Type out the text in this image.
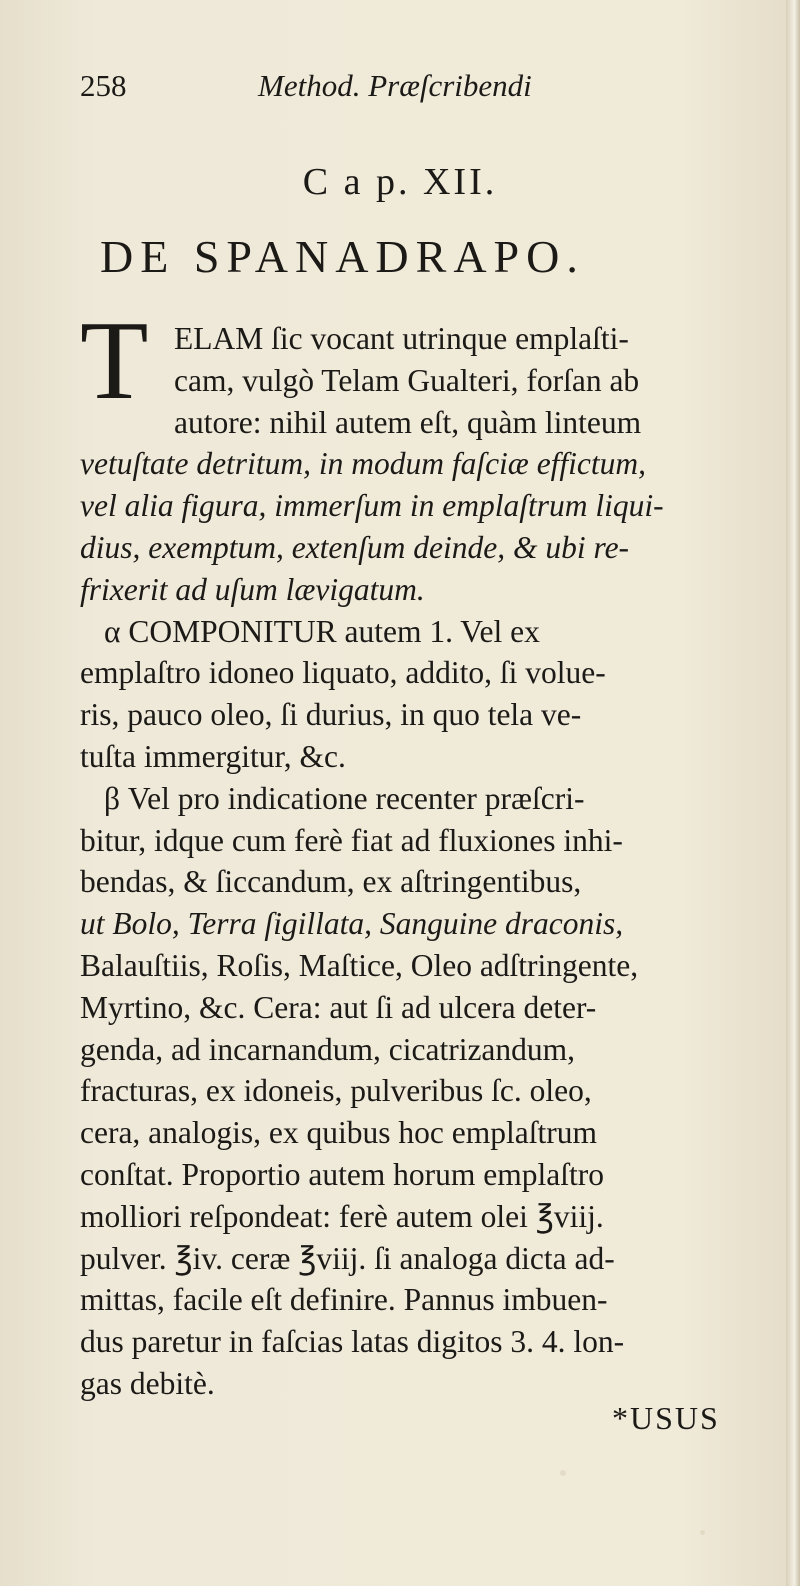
258	Method. Præſcribendi
C a p. XII.
DE SPANADRAPO.
T ELAM ſic vocant utrinque emplaſti-
cam, vulgò Telam Gualteri, forſan ab
autore: nihil autem eſt, quàm linteum
vetuſtate detritum, in modum faſciæ effictum,
vel alia figura, immerſum in emplaſtrum liqui-
dius, exemptum, extenſum deinde, & ubi re-
frixerit ad uſum lævigatum.
α COMPONITUR autem 1. Vel ex
emplaſtro idoneo liquato, addito, ſi volue-
ris, pauco oleo, ſi durius, in quo tela ve-
tuſta immergitur, &c.
β Vel pro indicatione recenter præſcri-
bitur, idque cum ferè fiat ad fluxiones inhi-
bendas, & ſiccandum, ex aſtringentibus,
ut Bolo, Terra ſigillata, Sanguine draconis,
Balauſtiis, Roſis, Maſtice, Oleo adſtringente,
Myrtino, &c. Cera: aut ſi ad ulcera deter-
genda, ad incarnandum, cicatrizandum,
fracturas, ex idoneis, pulveribus ſc. oleo,
cera, analogis, ex quibus hoc emplaſtrum
conſtat. Proportio autem horum emplaſtro
molliori reſpondeat: ferè autem olei ℥viij.
pulver. ℥iv. ceræ ℥viij. ſi analoga dicta ad-
mittas, facile eſt definire. Pannus imbuen-
dus paretur in faſcias latas digitos 3. 4. lon-
gas debitè.
*USUS
